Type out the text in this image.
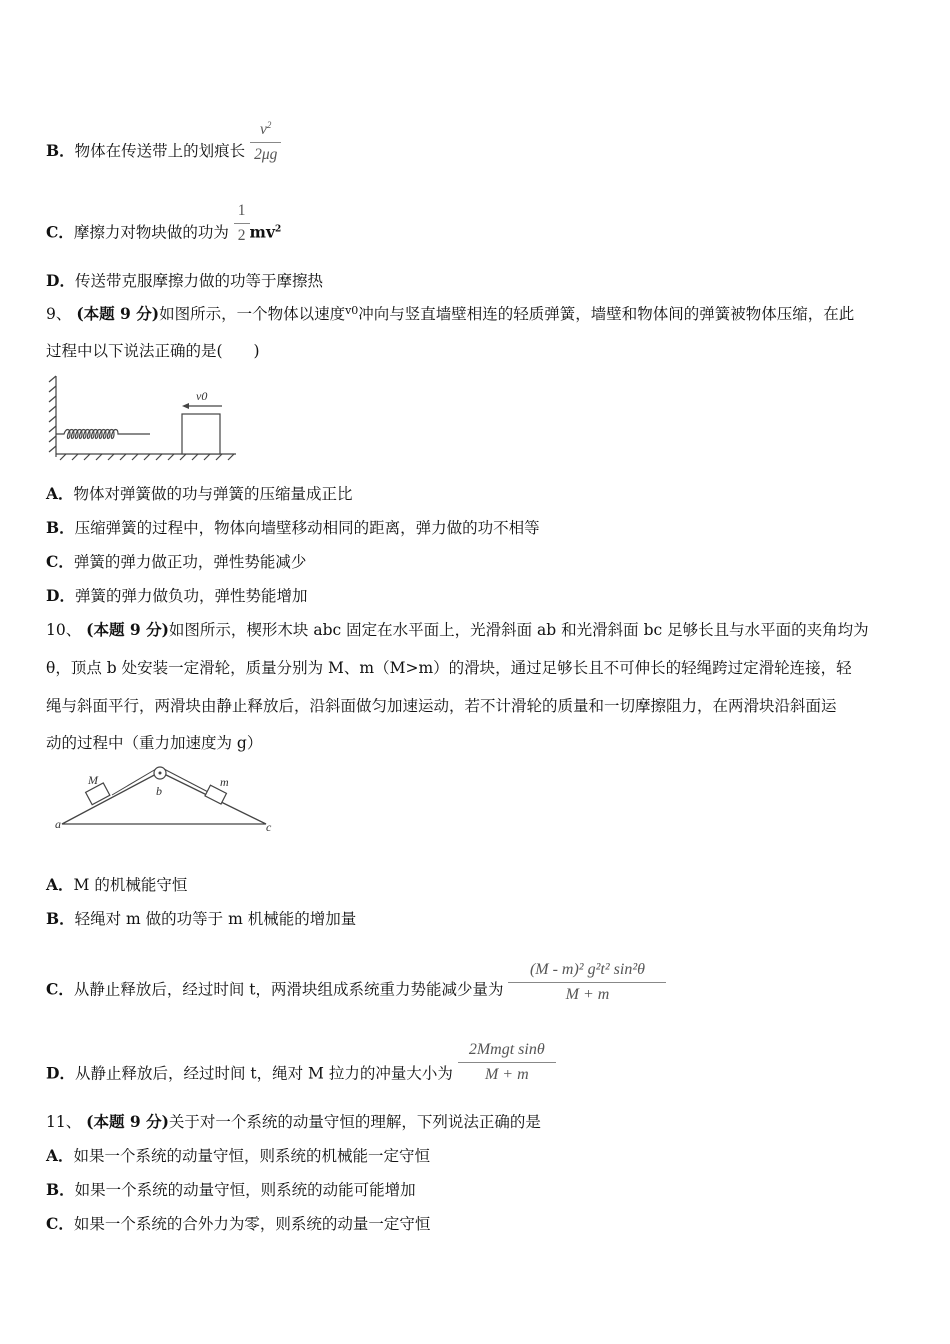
B．物体在传送带上的划痕长 $\frac{v^2}{2\mu g}$
C．摩擦力对物块做的功为 $\frac{1}{2} mv^2$
D．传送带克服摩擦力做的功等于摩擦热
9、 (本题 9 分)如图所示，一个物体以速度$^{v0}$冲向与竖直墙壁相连的轻质弹簧，墙壁和物体间的弹簧被物体压缩，在此
过程中以下说法正确的是(　　)
v0
A．物体对弹簧做的功与弹簧的压缩量成正比
B．压缩弹簧的过程中，物体向墙壁移动相同的距离，弹力做的功不相等
C．弹簧的弹力做正功，弹性势能减少
D．弹簧的弹力做负功，弹性势能增加
10、 (本题 9 分)如图所示，楔形木块 abc 固定在水平面上，光滑斜面 ab 和光滑斜面 bc 足够长且与水平面的夹角均为
θ，顶点 b 处安装一定滑轮，质量分别为 M、m（M>m）的滑块，通过足够长且不可伸长的轻绳跨过定滑轮连接，轻
绳与斜面平行，两滑块由静止释放后，沿斜面做匀加速运动，若不计滑轮的质量和一切摩擦阻力，在两滑块沿斜面运
动的过程中（重力加速度为 g）
M	m
a
b
c
A．M 的机械能守恒
B．轻绳对 m 做的功等于 m 机械能的增加量
C．从静止释放后，经过时间 t，两滑块组成系统重力势能减少量为 $\frac{\text{(M - m)² g²t² sin²θ}}{M + m}$
D．从静止释放后，经过时间 t，绳对 M 拉力的冲量大小为 $\frac{\text{2Mmgt sinθ}}{M + m}$
11、 (本题 9 分)关于对一个系统的动量守恒的理解，下列说法正确的是
A．如果一个系统的动量守恒，则系统的机械能一定守恒
B．如果一个系统的动量守恒，则系统的动能可能增加
C．如果一个系统的合外力为零，则系统的动量一定守恒
